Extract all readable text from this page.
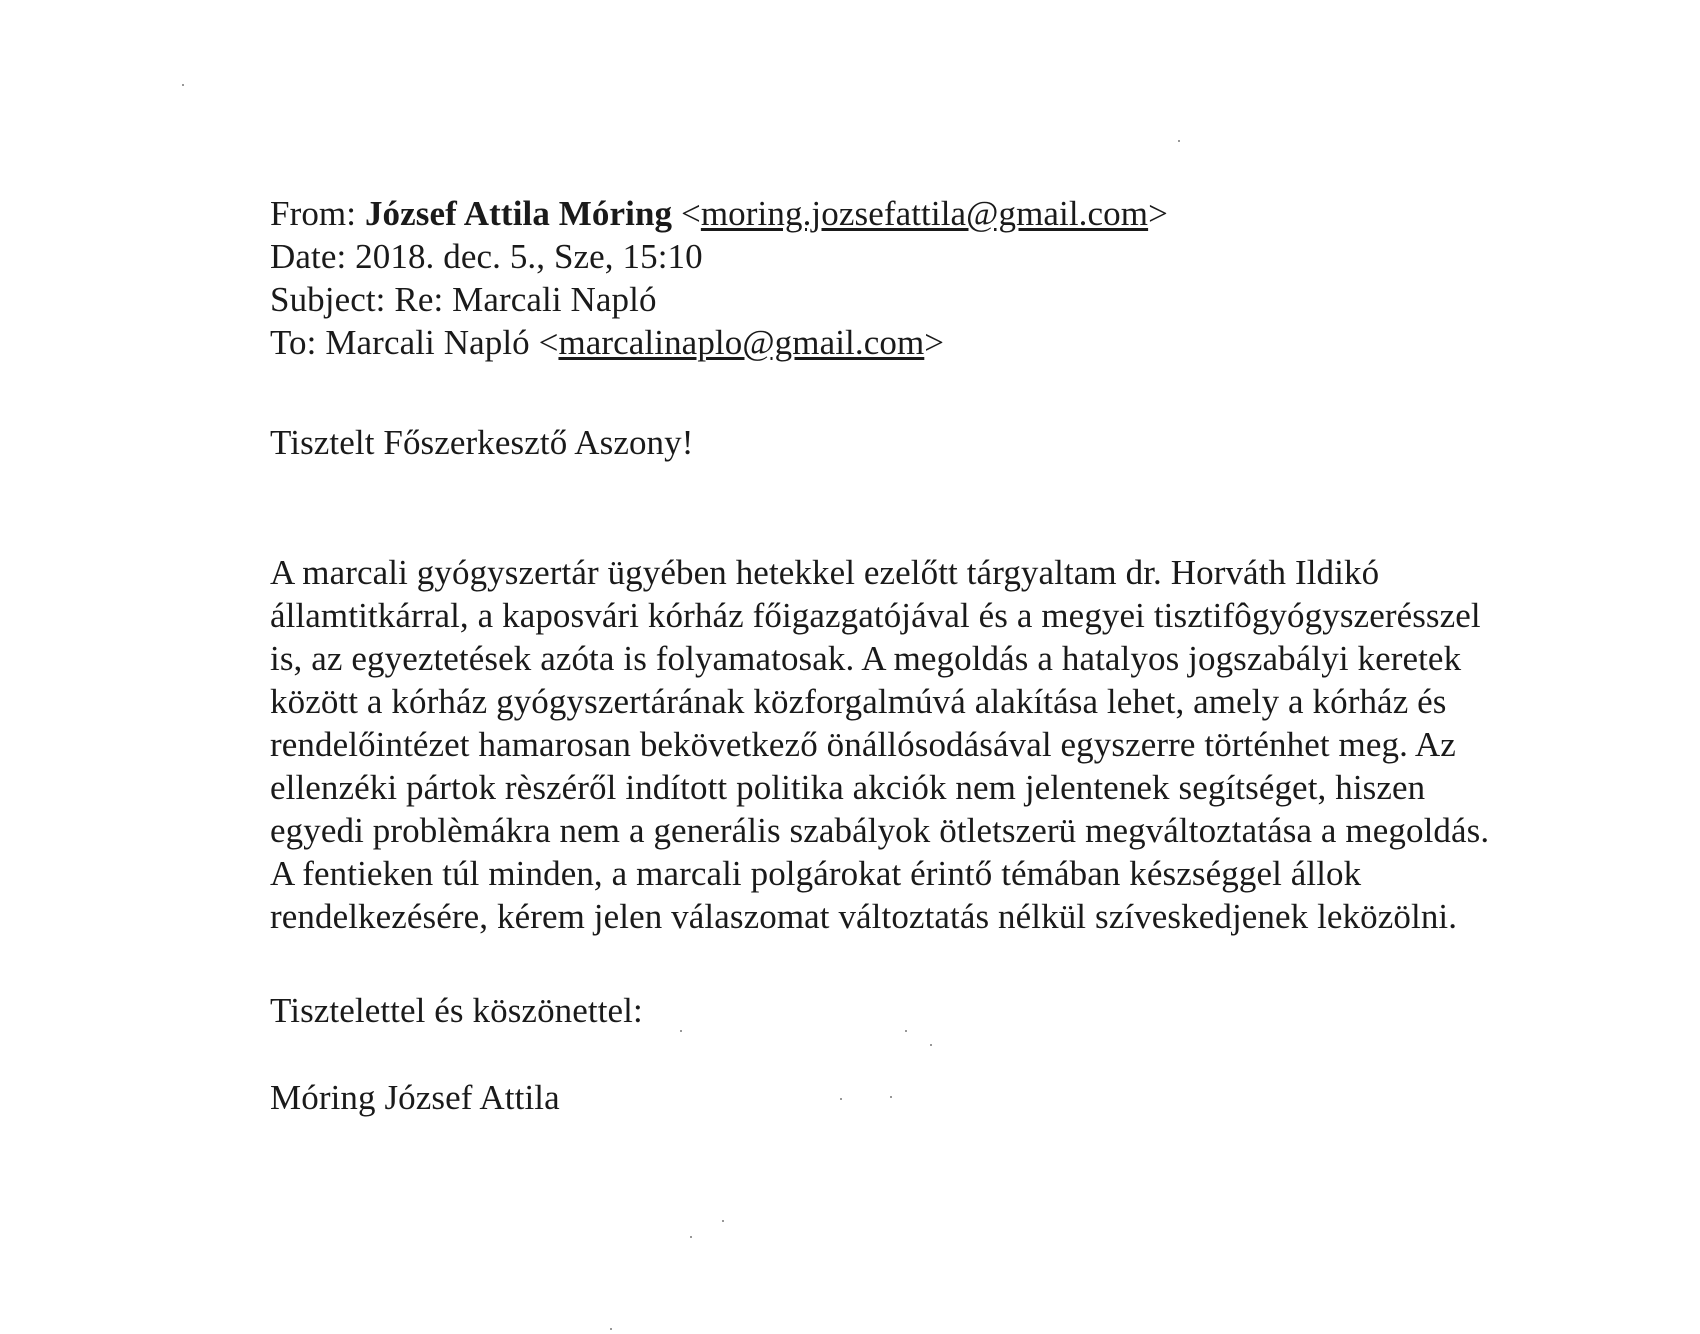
From: József Attila Móring <moring.jozsefattila@gmail.com>
Date: 2018. dec. 5., Sze, 15:10
Subject: Re: Marcali Napló
To: Marcali Napló <marcalinaplo@gmail.com>
Tisztelt Főszerkesztő Aszony!

A marcali gyógyszertár ügyében hetekkel ezelőtt tárgyaltam dr. Horváth Ildikó államtitkárral, a kaposvári kórház főigazgatójával és a megyei tisztifôgyógyszerésszel is, az egyeztetések azóta is folyamatosak. A megoldás a hatalyos jogszabályi keretek között a kórház gyógyszertárának közforgalmúvá alakítása lehet, amely a kórház és rendelőintézet hamarosan bekövetkező önállósodásával egyszerre történhet meg. Az ellenzéki pártok rèszéről indított politika akciók nem jelentenek segítséget, hiszen egyedi problèmákra nem a generális szabályok ötletszerü megváltoztatása a megoldás.

A fentieken túl minden, a marcali polgárokat érintő témában készséggel állok rendelkezésére, kérem jelen válaszomat változtatás nélkül szíveskedjenek leközölni.

Tisztelettel és köszönettel:
Móring József Attila
